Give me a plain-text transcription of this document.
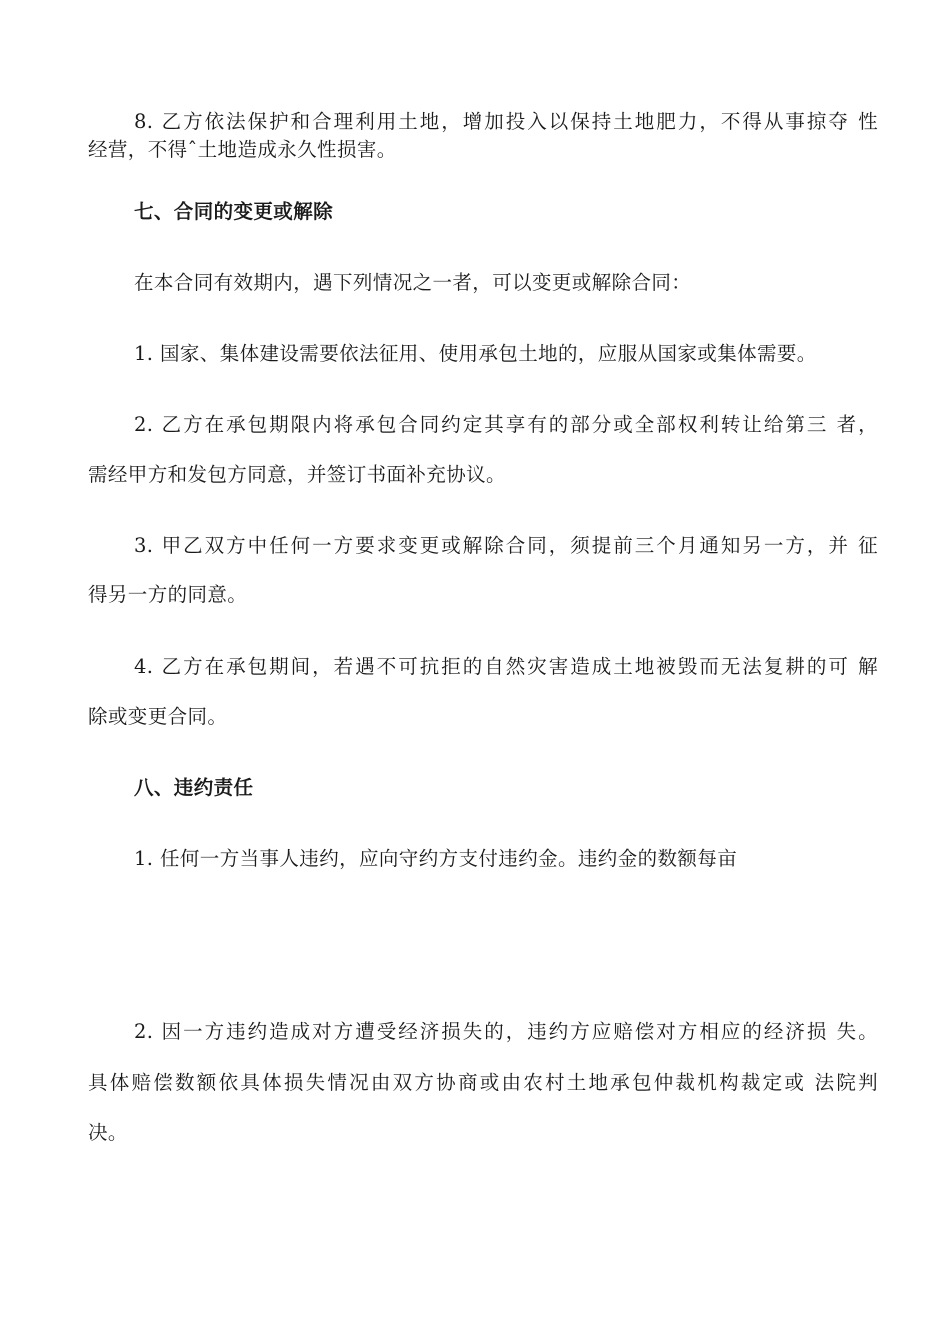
8. 乙方依法保护和合理利用土地，增加投入以保持土地肥力，不得从事掠夺 性
经营，不得ˆ土地造成永久性损害。
七、合同的变更或解除
在本合同有效期内，遇下列情况之一者，可以变更或解除合同：
1. 国家、集体建设需要依法征用、使用承包土地的，应服从国家或集体需要。
2. 乙方在承包期限内将承包合同约定其享有的部分或全部权利转让给第三 者，
需经甲方和发包方同意，并签订书面补充协议。
3. 甲乙双方中任何一方要求变更或解除合同，须提前三个月通知另一方，并 征
得另一方的同意。
4. 乙方在承包期间，若遇不可抗拒的自然灾害造成土地被毁而无法复耕的可 解
除或变更合同。
八、违约责任
1. 任何一方当事人违约，应向守约方支付违约金。违约金的数额每亩
2. 因一方违约造成对方遭受经济损失的，违约方应赔偿对方相应的经济损 失。
具体赔偿数额依具体损失情况由双方协商或由农村土地承包仲裁机构裁定或 法院判
决。
